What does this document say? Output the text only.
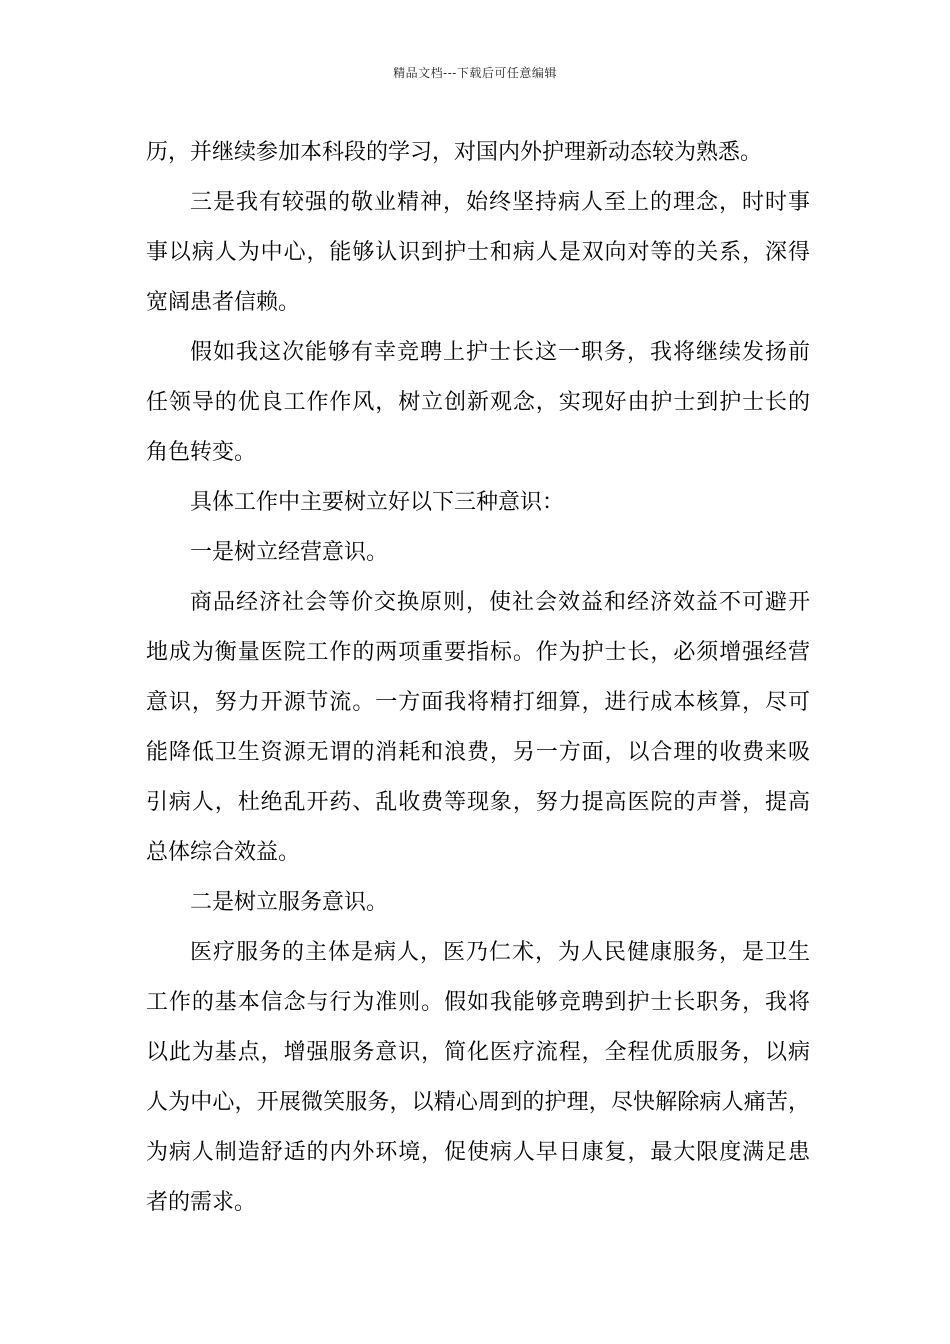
精品文档---下载后可任意编辑
历，并继续参加本科段的学习，对国内外护理新动态较为熟悉。
三是我有较强的敬业精神，始终坚持病人至上的理念，时时事
事以病人为中心，能够认识到护士和病人是双向对等的关系，深得
宽阔患者信赖。
假如我这次能够有幸竞聘上护士长这一职务，我将继续发扬前
任领导的优良工作作风，树立创新观念，实现好由护士到护士长的
角色转变。
具体工作中主要树立好以下三种意识：
一是树立经营意识。
商品经济社会等价交换原则，使社会效益和经济效益不可避开
地成为衡量医院工作的两项重要指标。作为护士长，必须增强经营
意识，努力开源节流。一方面我将精打细算，进行成本核算，尽可
能降低卫生资源无谓的消耗和浪费，另一方面，以合理的收费来吸
引病人，杜绝乱开药、乱收费等现象，努力提高医院的声誉，提高
总体综合效益。
二是树立服务意识。
医疗服务的主体是病人，医乃仁术，为人民健康服务，是卫生
工作的基本信念与行为准则。假如我能够竞聘到护士长职务，我将
以此为基点，增强服务意识，简化医疗流程，全程优质服务，以病
人为中心，开展微笑服务，以精心周到的护理，尽快解除病人痛苦，
为病人制造舒适的内外环境，促使病人早日康复，最大限度满足患
者的需求。
